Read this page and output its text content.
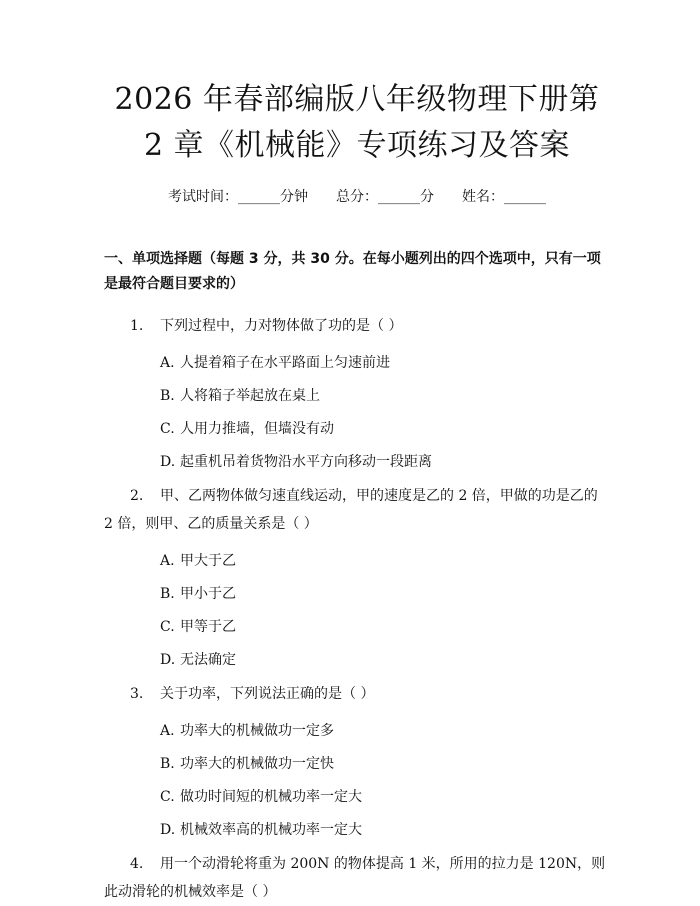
2026 年春部编版八年级物理下册第 2 章《机械能》专项练习及答案
考试时间：______分钟 总分：______分 姓名：______
一、单项选择题（每题 3 分，共 30 分。在每小题列出的四个选项中，只有一项是最符合题目要求的）
1. 下列过程中，力对物体做了功的是（ ）
A. 人提着箱子在水平路面上匀速前进
B. 人将箱子举起放在桌上
C. 人用力推墙，但墙没有动
D. 起重机吊着货物沿水平方向移动一段距离
2. 甲、乙两物体做匀速直线运动，甲的速度是乙的 2 倍，甲做的功是乙的 2 倍，则甲、乙的质量关系是（ ）
A. 甲大于乙
B. 甲小于乙
C. 甲等于乙
D. 无法确定
3. 关于功率，下列说法正确的是（ ）
A. 功率大的机械做功一定多
B. 功率大的机械做功一定快
C. 做功时间短的机械功率一定大
D. 机械效率高的机械功率一定大
4. 用一个动滑轮将重为 200N 的物体提高 1 米，所用的拉力是 120N，则此动滑轮的机械效率是（ ）
